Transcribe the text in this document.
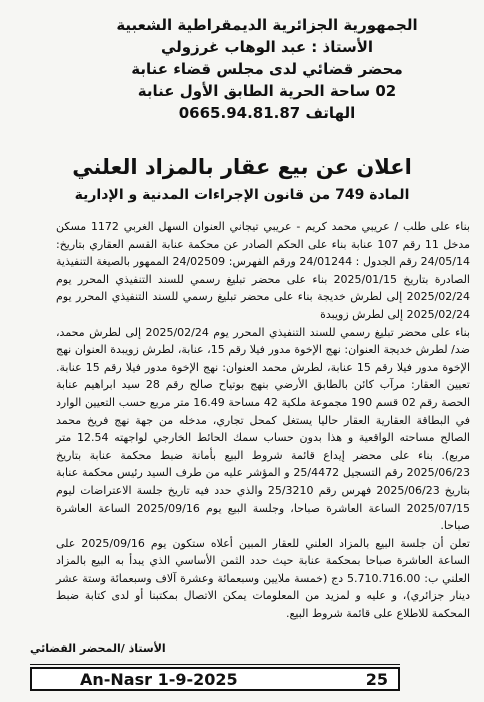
الجمهورية الجزائرية الديمقراطية الشعبية
الأستاذ : عبد الوهاب غرزولي
محضر قضائي لدى مجلس قضاء عنابة
02 ساحة الحرية الطابق الأول عنابة
الهاتف 0665.94.81.87
اعلان عن بيع عقار بالمزاد العلني
المادة 749 من قانون الإجراءات المدنية و الإدارية

بناء على طلب / عريبي محمد كريم - عريبي تيجاني العنوان السهل الغربي 1172 مسكن مدخل 11 رقم 107 عنابة بناء على الحكم الصادر عن محكمة عنابة القسم العقاري بتاريخ: 24/05/14 رقم الجدول : 24/01244 ورقم الفهرس: 24/02509 الممهور بالصيغة التنفيذية الصادرة بتاريخ 2025/01/15 بناء على محضر تبليغ رسمي للسند التنفيذي المحرر يوم 2025/02/24 إلى لطرش خديجة بناء على محضر تبليغ رسمي للسند التنفيذي المحرر يوم 2025/02/24 إلى لطرش زويبدة

بناء على محضر تبليغ رسمي للسند التنفيذي المحرر يوم 2025/02/24 إلى لطرش محمد، ضد/ لطرش خديجة العنوان: نهج الإخوة مدور فيلا رقم 15، عنابة، لطرش زويبدة العنوان نهج الإخوة مدور فيلا رقم 15 عنابة، لطرش محمد العنوان: نهج الإخوة مدور فيلا رقم 15 عنابة. تعيين العقار: مرآب كائن بالطابق الأرضي بنهج بوتياح صالح رقم 28 سيد ابراهيم عنابة الحصة رقم 02 قسم 190 مجموعة ملكية 42 مساحة 16.49 متر مربع حسب التعيين الوارد في البطاقة العقارية العقار حاليا يستغل كمحل تجاري، مدخله من جهة نهج فريخ محمد الصالح مساحته الواقعية و هذا بدون حساب سمك الحائط الخارجي لواجهته 12.54 متر مربع). بناء على محضر إيداع قائمة شروط البيع بأمانة ضبط محكمة عنابة بتاريخ 2025/06/23 رقم التسجيل 25/4472 و المؤشر عليه من طرف السيد رئيس محكمة عنابة بتاريخ 2025/06/23 فهرس رقم 25/3210 والذي حدد فيه تاريخ جلسة الاعتراضات ليوم 2025/07/15 الساعة العاشرة صباحا، وجلسة البيع يوم 2025/09/16 الساعة العاشرة صباحا.

تعلن أن جلسة البيع بالمزاد العلني للعقار المبين أعلاه ستكون يوم 2025/09/16 على الساعة العاشرة صباحا بمحكمة عنابة حيث حدد الثمن الأساسي الذي يبدأ به البيع بالمزاد العلني ب: 5.710.716.00 دج (خمسة ملايين وسبعمائة وعشرة آلاف وسبعمائة وستة عشر دينار جزائري)، و عليه و لمزيد من المعلومات يمكن الاتصال بمكتبنا أو لدى كتابة ضبط المحكمة للاطلاع على قائمة شروط البيع.

الأستاذ /المحضر القضائي
An-Nasr 1-9-2025	25
